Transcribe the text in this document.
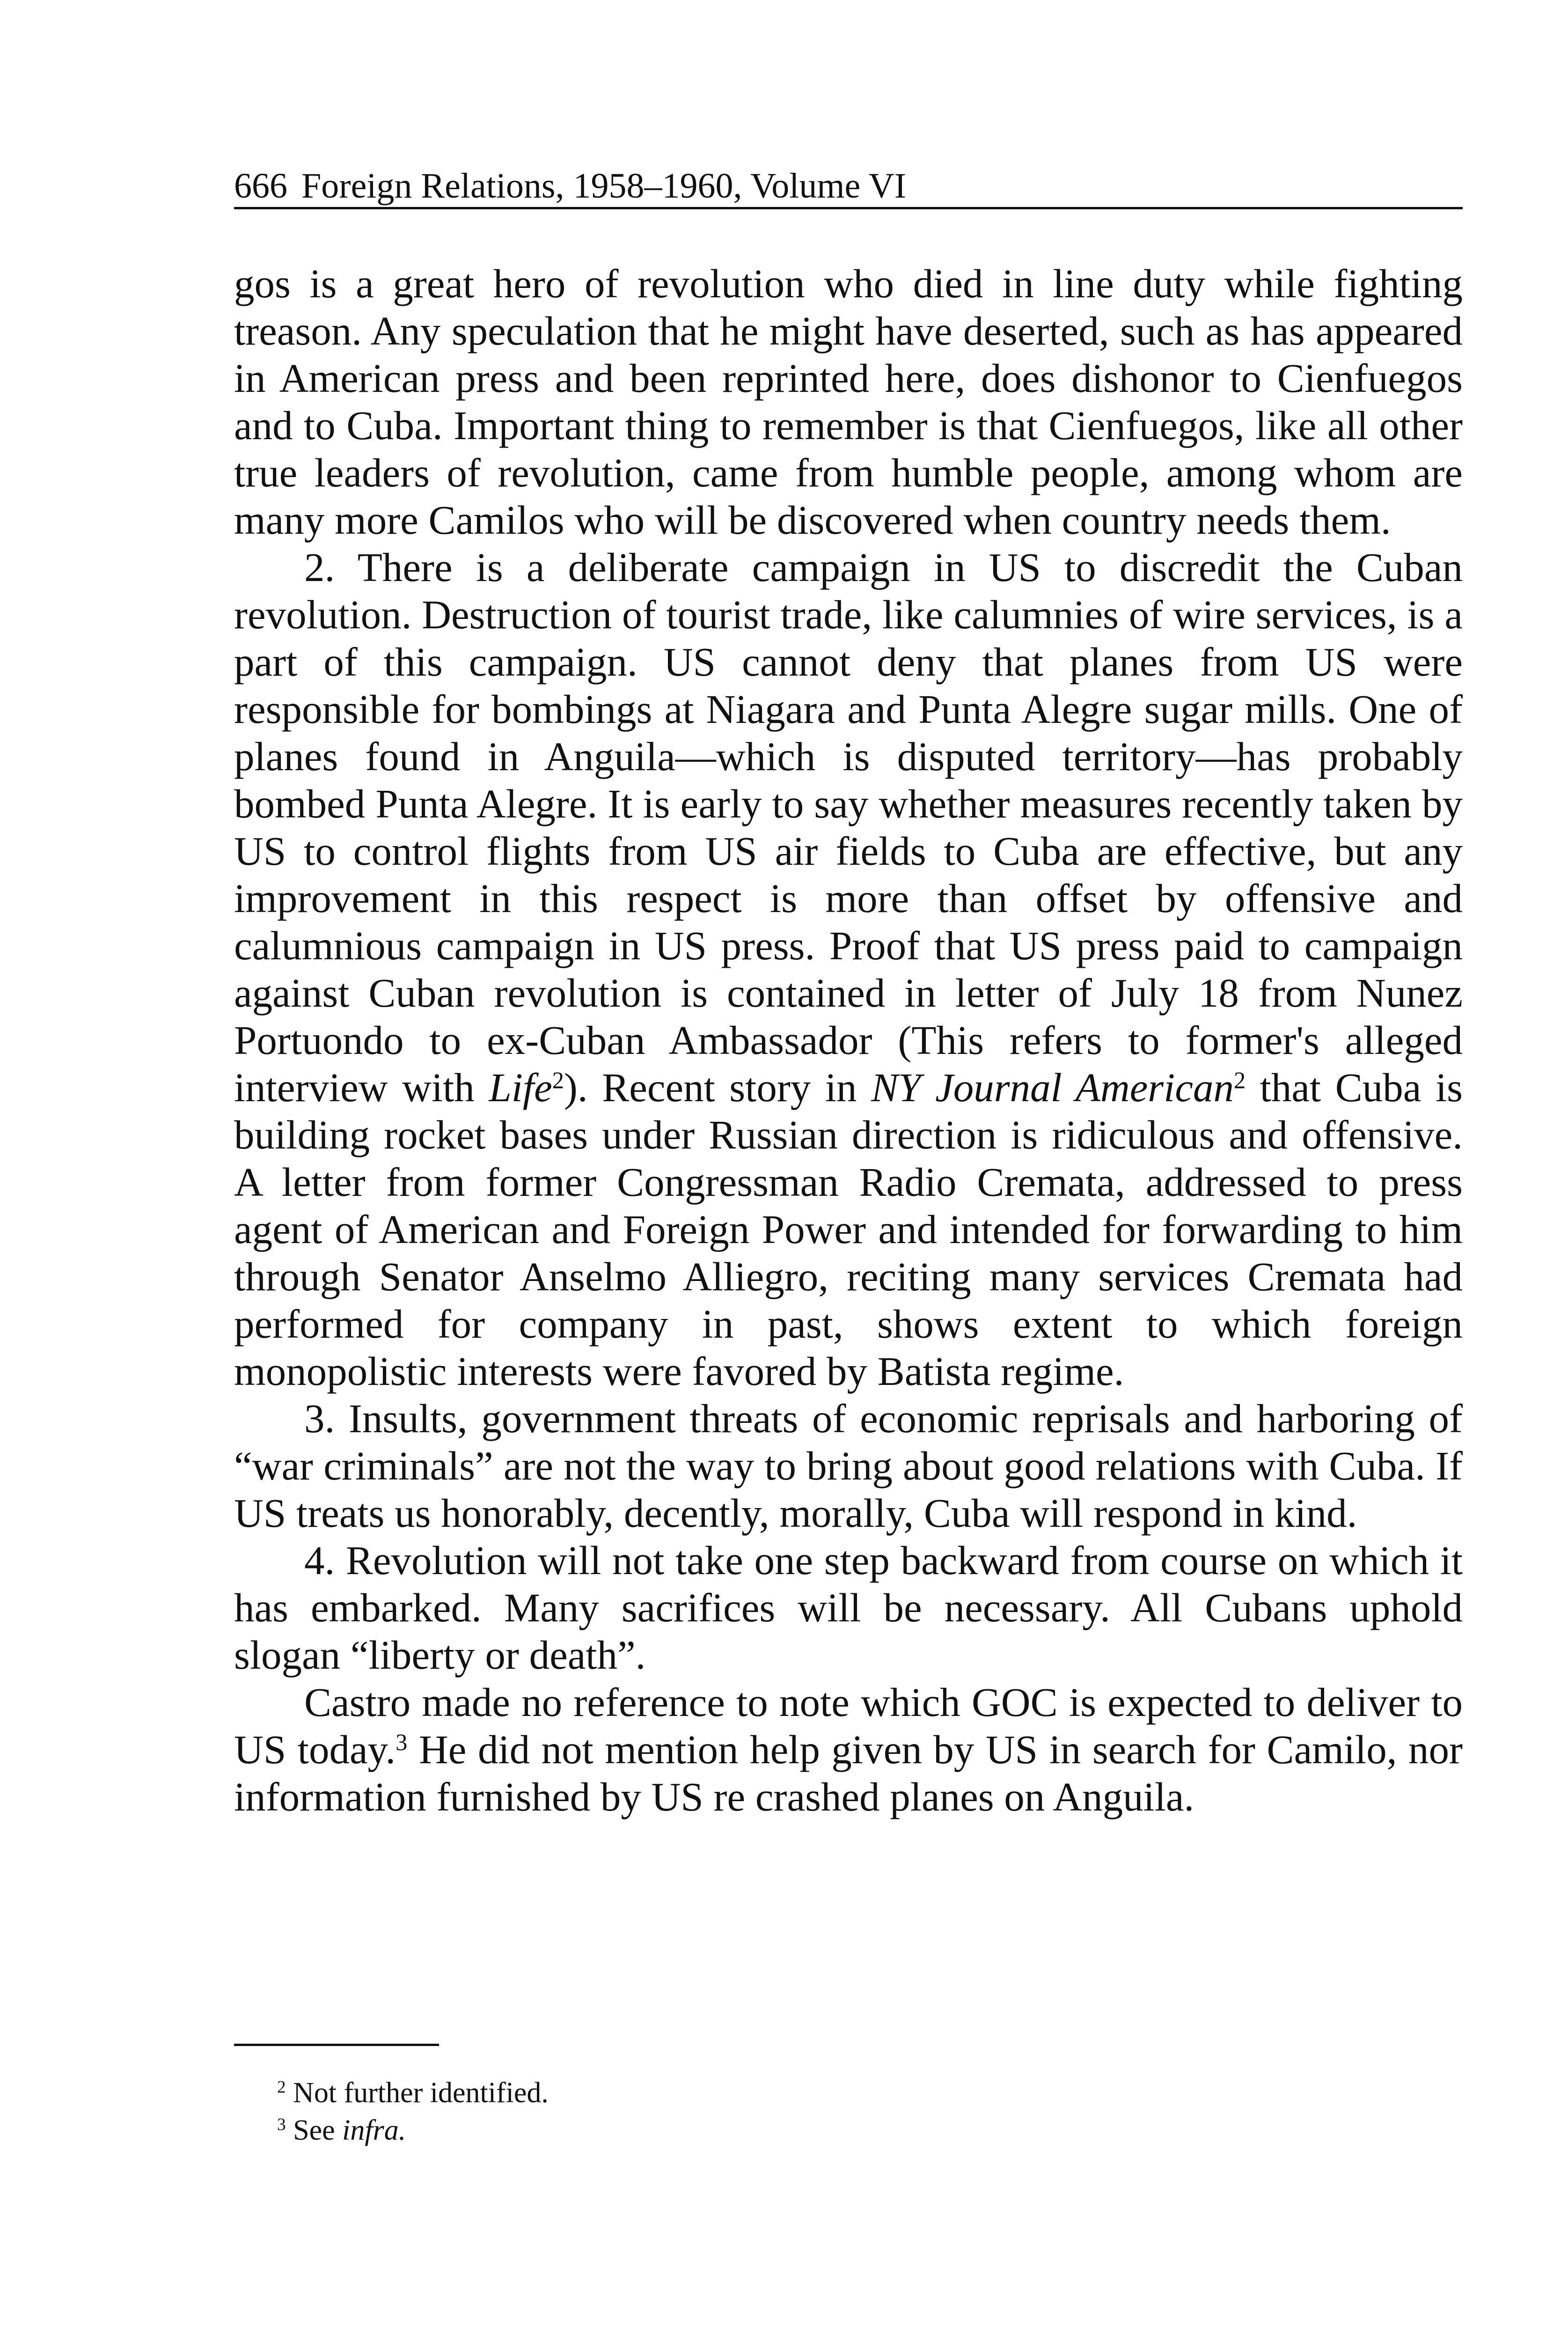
666 Foreign Relations, 1958–1960, Volume VI

gos is a great hero of revolution who died in line duty while fighting treason. Any speculation that he might have deserted, such as has appeared in American press and been reprinted here, does dishonor to Cienfuegos and to Cuba. Important thing to remember is that Cienfuegos, like all other true leaders of revolution, came from humble people, among whom are many more Camilos who will be discovered when country needs them.

2. There is a deliberate campaign in US to discredit the Cuban revolution. Destruction of tourist trade, like calumnies of wire services, is a part of this campaign. US cannot deny that planes from US were responsible for bombings at Niagara and Punta Alegre sugar mills. One of planes found in Anguila—which is disputed territory—has probably bombed Punta Alegre. It is early to say whether measures recently taken by US to control flights from US air fields to Cuba are effective, but any improvement in this respect is more than offset by offensive and calumnious campaign in US press. Proof that US press paid to campaign against Cuban revolution is contained in letter of July 18 from Nunez Portuondo to ex-Cuban Ambassador (This refers to former's alleged interview with Life$^2$). Recent story in NY Journal American$^2$ that Cuba is building rocket bases under Russian direction is ridiculous and offensive. A letter from former Congressman Radio Cremata, addressed to press agent of American and Foreign Power and intended for forwarding to him through Senator Anselmo Alliegro, reciting many services Cremata had performed for company in past, shows extent to which foreign monopolistic interests were favored by Batista regime.

3. Insults, government threats of economic reprisals and harboring of “war criminals” are not the way to bring about good relations with Cuba. If US treats us honorably, decently, morally, Cuba will respond in kind.

4. Revolution will not take one step backward from course on which it has embarked. Many sacrifices will be necessary. All Cubans uphold slogan “liberty or death”.

Castro made no reference to note which GOC is expected to deliver to US today.$^3$ He did not mention help given by US in search for Camilo, nor information furnished by US re crashed planes on Anguila.

$^2$ Not further identified.

$^3$ See infra.
